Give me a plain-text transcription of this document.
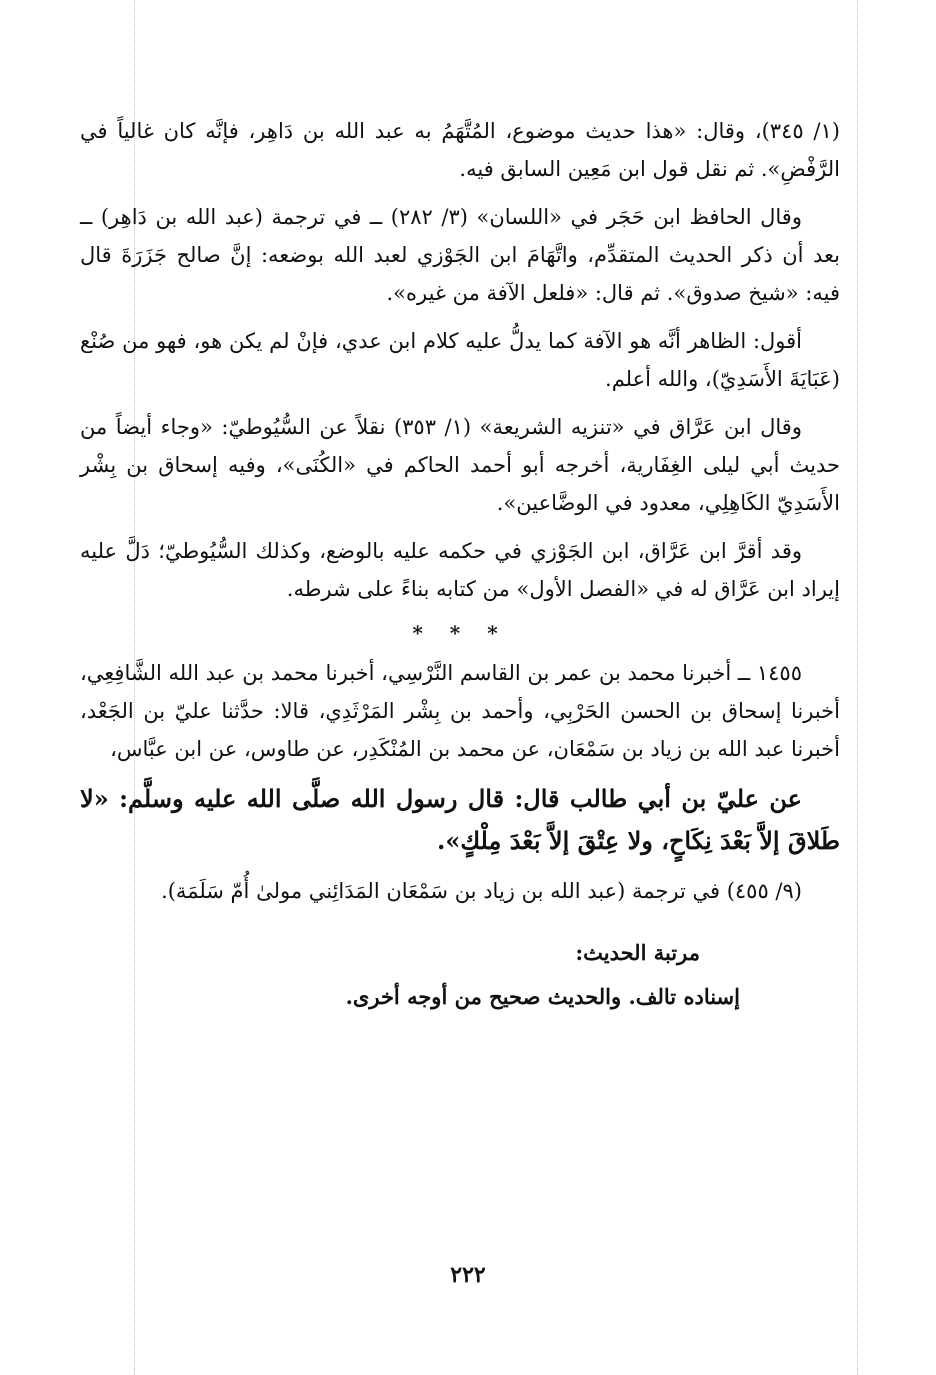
(١/ ٣٤٥)، وقال: «هذا حديث موضوع، المُتَّهَمُ به عبد الله بن دَاهِر، فإنَّه كان غالياً في الرَّفْضِ». ثم نقل قول ابن مَعِين السابق فيه.

وقال الحافظ ابن حَجَر في «اللسان» (٣/ ٢٨٢) ــ في ترجمة (عبد الله بن دَاهِر) ــ بعد أن ذكر الحديث المتقدِّم، واتَّهَامَ ابن الجَوْزي لعبد الله بوضعه: إنَّ صالح جَزَرَةَ قال فيه: «شيخ صدوق». ثم قال: «فلعل الآفة من غيره».

أقول: الظاهر أنَّه هو الآفة كما يدلُّ عليه كلام ابن عدي، فإنْ لم يكن هو، فهو من صُنْع (عَبَايَةَ الأَسَدِيّ)، والله أعلم.

وقال ابن عَرَّاق في «تنزيه الشريعة» (١/ ٣٥٣) نقلاً عن السُّيُوطيّ: «وجاء أيضاً من حديث أبي ليلى الغِفَارية، أخرجه أبو أحمد الحاكم في «الكُنَى»، وفيه إسحاق بن بِشْر الأَسَدِيّ الكَاهِلِي، معدود في الوضَّاعين».

وقد أقرَّ ابن عَرَّاق، ابن الجَوْزي في حكمه عليه بالوضع، وكذلك السُّيُوطيّ؛ دَلَّ عليه إيراد ابن عَرَّاق له في «الفصل الأول» من كتابه بناءً على شرطه.

* * *

١٤٥٥ ــ أخبرنا محمد بن عمر بن القاسم النَّرْسِي، أخبرنا محمد بن عبد الله الشَّافِعِي، أخبرنا إسحاق بن الحسن الحَرْبِي، وأحمد بن بِشْر المَرْثَدِي، قالا: حدَّثنا عليّ بن الجَعْد، أخبرنا عبد الله بن زياد بن سَمْعَان، عن محمد بن المُنْكَدِر، عن طاوس، عن ابن عبَّاس،

عن عليّ بن أبي طالب قال: قال رسول الله صلَّى الله عليه وسلَّم: «لا طَلاقَ إلاَّ بَعْدَ نِكَاحٍ، ولا عِتْقَ إلاَّ بَعْدَ مِلْكٍ».

(٩/ ٤٥٥) في ترجمة (عبد الله بن زياد بن سَمْعَان المَدَائِني مولىٰ أُمّ سَلَمَة).

مرتبة الحديث:
إسناده تالف. والحديث صحيح من أوجه أخرى.
٢٢٢
